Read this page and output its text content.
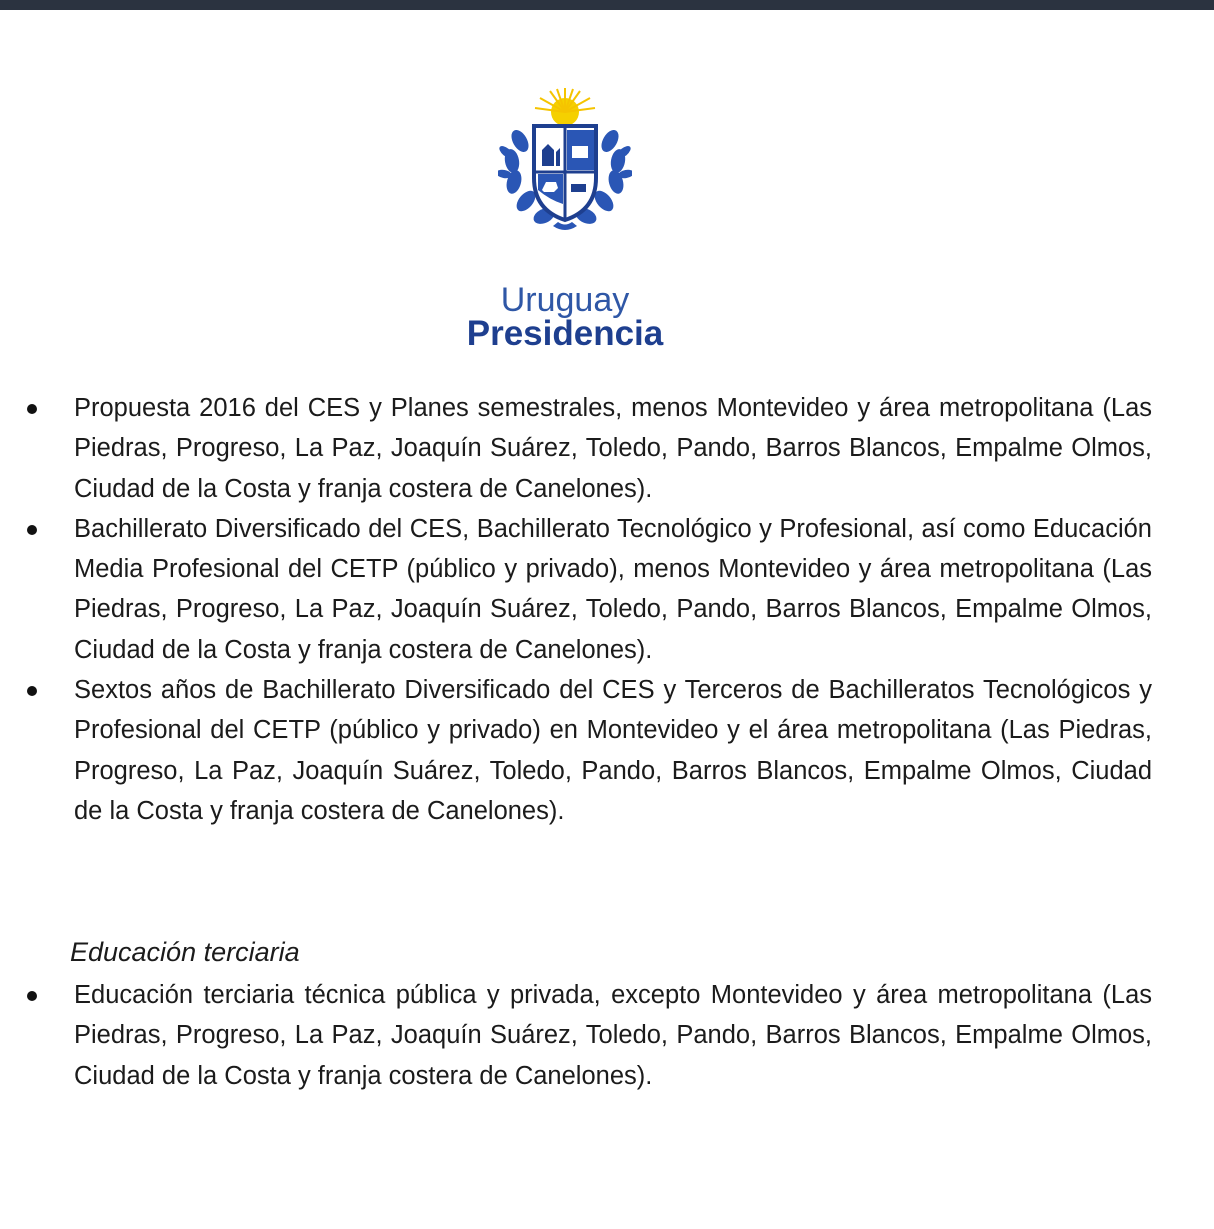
Uruguay
Presidencia
Propuesta 2016 del CES y Planes semestrales, menos Montevideo y área metropolitana (Las Piedras, Progreso, La Paz, Joaquín Suárez, Toledo, Pando, Barros Blancos, Empalme Olmos, Ciudad de la Costa y franja costera de Canelones).
Bachillerato Diversificado del CES, Bachillerato Tecnológico y Profesional, así como Educación Media Profesional del CETP (público y privado), menos Montevideo y área metropolitana (Las Piedras, Progreso, La Paz, Joaquín Suárez, Toledo, Pando, Barros Blancos, Empalme Olmos, Ciudad de la Costa y franja costera de Canelones).
Sextos años de Bachillerato Diversificado del CES y Terceros de Bachilleratos Tecnológicos y Profesional del CETP (público y privado) en Montevideo y el área metropolitana (Las Piedras, Progreso, La Paz, Joaquín Suárez, Toledo, Pando, Barros Blancos, Empalme Olmos, Ciudad de la Costa y franja costera de Canelones).
Educación terciaria
Educación terciaria técnica pública y privada, excepto Montevideo y área metropolitana (Las Piedras, Progreso, La Paz, Joaquín Suárez, Toledo, Pando, Barros Blancos, Empalme Olmos, Ciudad de la Costa y franja costera de Canelones).
